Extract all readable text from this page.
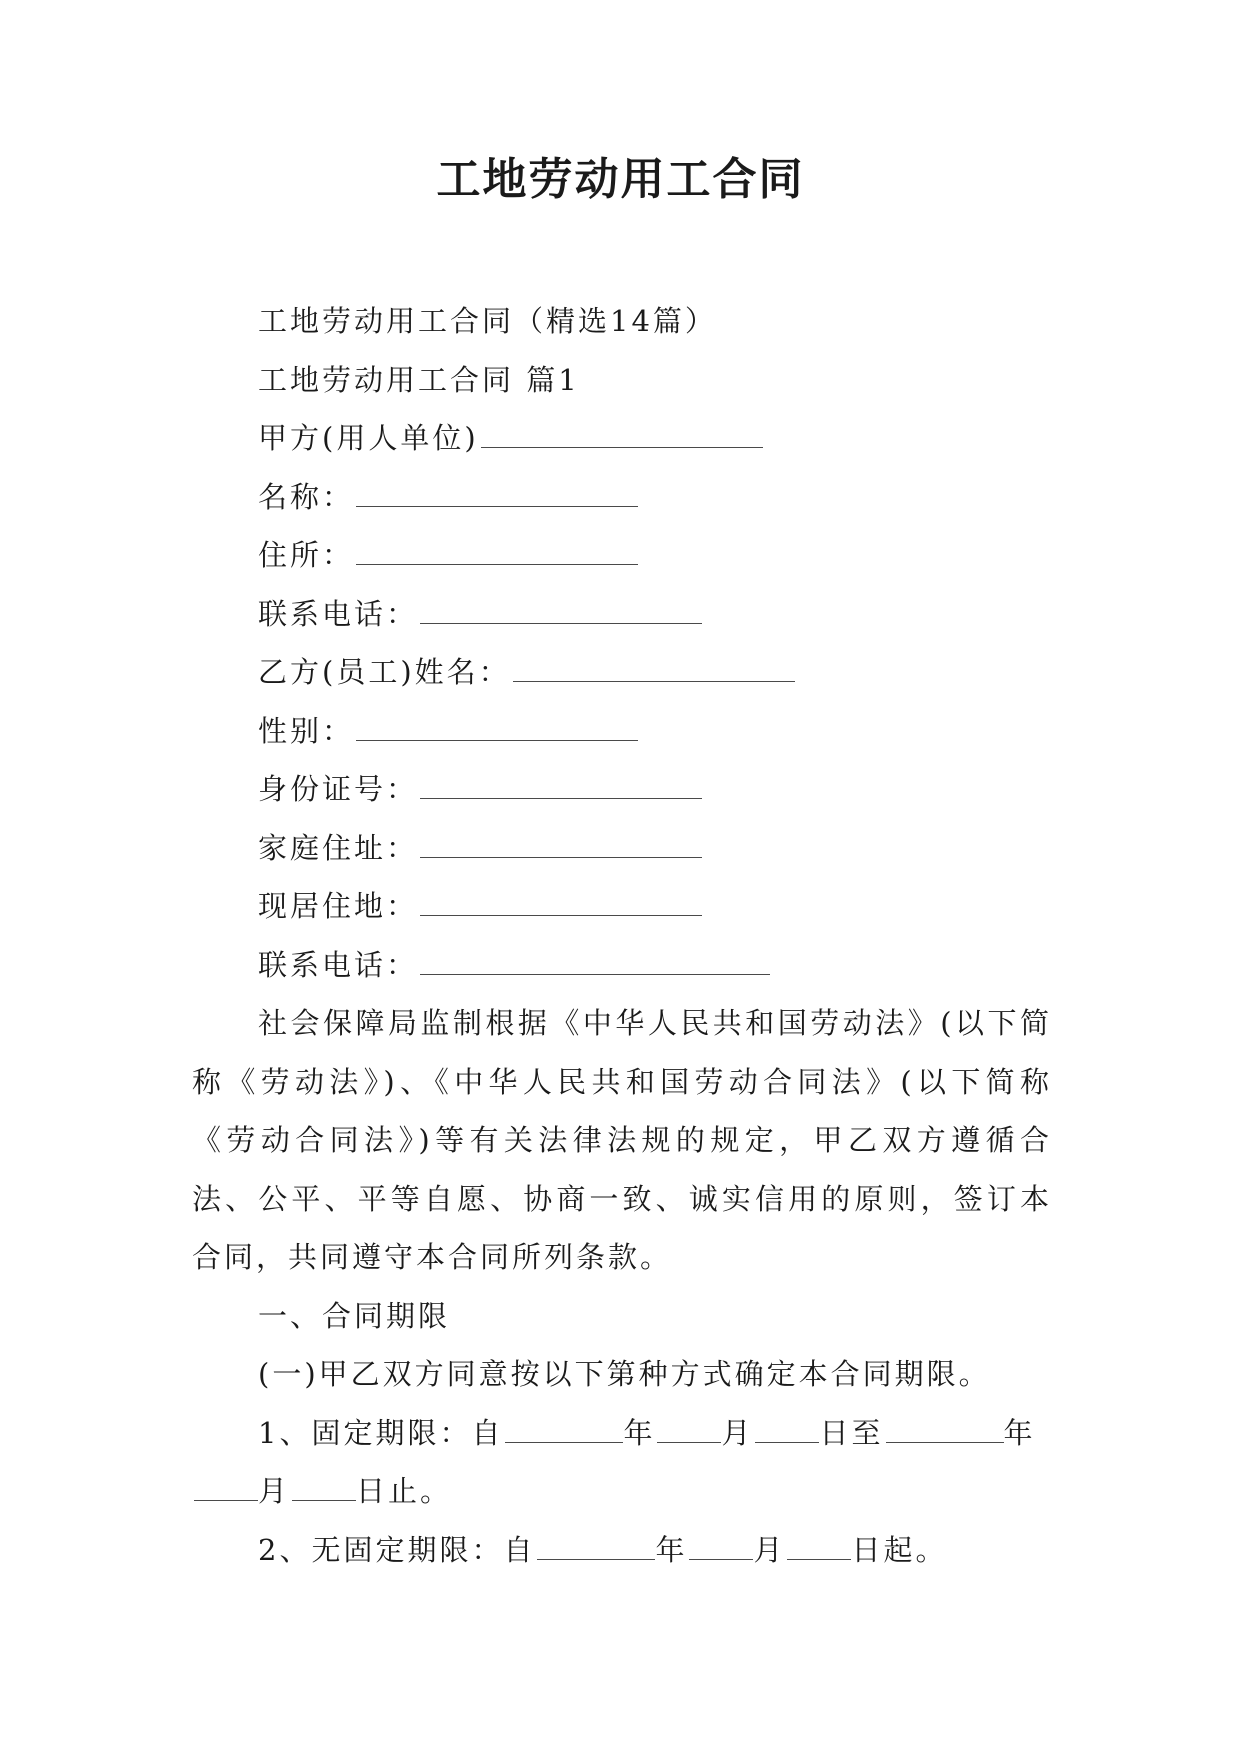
工地劳动用工合同

工地劳动用工合同（精选14篇）

工地劳动用工合同 篇1

甲方(用人单位)

名称：

住所：

联系电话：

乙方(员工)姓名：

性别：

身份证号：

家庭住址：

现居住地：

联系电话：

社会保障局监制根据《中华人民共和国劳动法》(以下简称《劳动法》)、《中华人民共和国劳动合同法》(以下简称《劳动合同法》)等有关法律法规的规定，甲乙双方遵循合法、公平、平等自愿、协商一致、诚实信用的原则，签订本合同，共同遵守本合同所列条款。

一、合同期限

(一)甲乙双方同意按以下第种方式确定本合同期限。

1、固定期限：自	年 月 日至	年月 日止。

2、无固定期限：自	年 月 日起。
